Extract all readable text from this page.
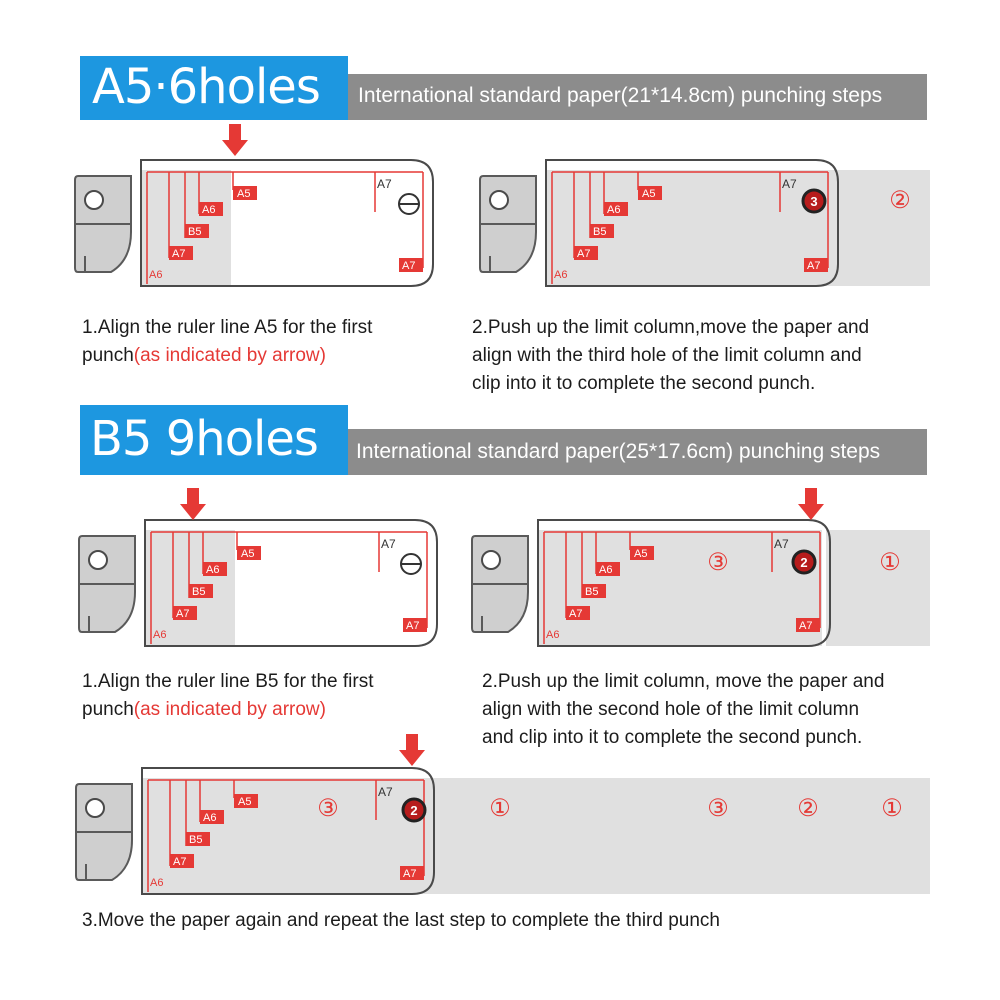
A5·6holes	International standard paper(21*14.8cm) punching steps
B5 9holes	International standard paper(25*17.6cm) punching steps
A5
A6
B5
A7
A6
A7
A7
A5
A6
B5
A7
A6
A7
A7
3	②
A5
A6
B5
A7
A6
A7
A7
A5
A6
B5
A7
A6
A7
A7
2
③	①
A5
A6
B5
A7
A6
A7
A7
2
③	①	③	②	①
1.Align the ruler line A5 for the first
punch(as indicated by arrow)
2.Push up the limit column,move the paper and
align with the third hole of the limit column and
clip into it to complete the second punch.
1.Align the ruler line B5 for the first
punch(as indicated by arrow)
2.Push up the limit column, move the paper and
align with the second hole of the limit column
and clip into it to complete the second punch.
3.Move the paper again and repeat the last step to complete the third punch
